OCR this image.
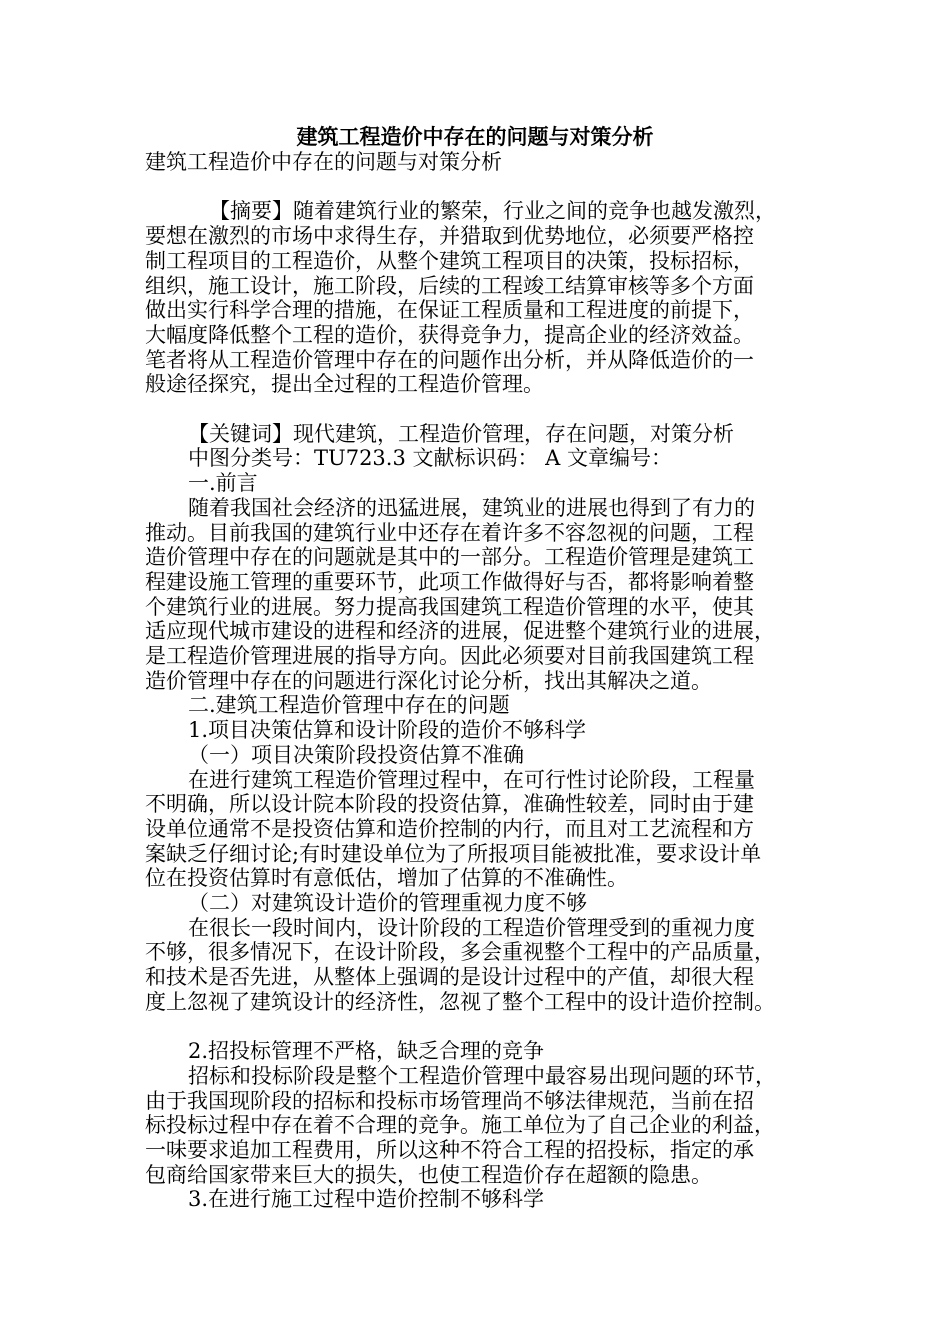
建筑工程造价中存在的问题与对策分析

建筑工程造价中存在的问题与对策分析

【摘要】随着建筑行业的繁荣，行业之间的竞争也越发激烈，

要想在激烈的市场中求得生存，并猎取到优势地位，必须要严格控

制工程项目的工程造价，从整个建筑工程项目的决策，投标招标，

组织，施工设计，施工阶段，后续的工程竣工结算审核等多个方面

做出实行科学合理的措施，在保证工程质量和工程进度的前提下，

大幅度降低整个工程的造价，获得竞争力，提高企业的经济效益。

笔者将从工程造价管理中存在的问题作出分析，并从降低造价的一

般途径探究，提出全过程的工程造价管理。

【关键词】现代建筑，工程造价管理，存在问题，对策分析

中图分类号：TU723.3 文献标识码： A 文章编号：

一.前言

随着我国社会经济的迅猛进展，建筑业的进展也得到了有力的

推动。目前我国的建筑行业中还存在着许多不容忽视的问题，工程

造价管理中存在的问题就是其中的一部分。工程造价管理是建筑工

程建设施工管理的重要环节，此项工作做得好与否，都将影响着整

个建筑行业的进展。努力提高我国建筑工程造价管理的水平，使其

适应现代城市建设的进程和经济的进展，促进整个建筑行业的进展，

是工程造价管理进展的指导方向。因此必须要对目前我国建筑工程

造价管理中存在的问题进行深化讨论分析，找出其解决之道。

二.建筑工程造价管理中存在的问题

1.项目决策估算和设计阶段的造价不够科学

（一）项目决策阶段投资估算不准确

在进行建筑工程造价管理过程中，在可行性讨论阶段，工程量

不明确，所以设计院本阶段的投资估算，准确性较差，同时由于建

设单位通常不是投资估算和造价控制的内行，而且对工艺流程和方

案缺乏仔细讨论;有时建设单位为了所报项目能被批准，要求设计单

位在投资估算时有意低估，增加了估算的不准确性。

（二）对建筑设计造价的管理重视力度不够

在很长一段时间内，设计阶段的工程造价管理受到的重视力度

不够，很多情况下，在设计阶段，多会重视整个工程中的产品质量，

和技术是否先进，从整体上强调的是设计过程中的产值，却很大程

度上忽视了建筑设计的经济性，忽视了整个工程中的设计造价控制。

2.招投标管理不严格，缺乏合理的竞争

招标和投标阶段是整个工程造价管理中最容易出现问题的环节，

由于我国现阶段的招标和投标市场管理尚不够法律规范，当前在招

标投标过程中存在着不合理的竞争。施工单位为了自己企业的利益，

一味要求追加工程费用，所以这种不符合工程的招投标，指定的承

包商给国家带来巨大的损失，也使工程造价存在超额的隐患。

3.在进行施工过程中造价控制不够科学
